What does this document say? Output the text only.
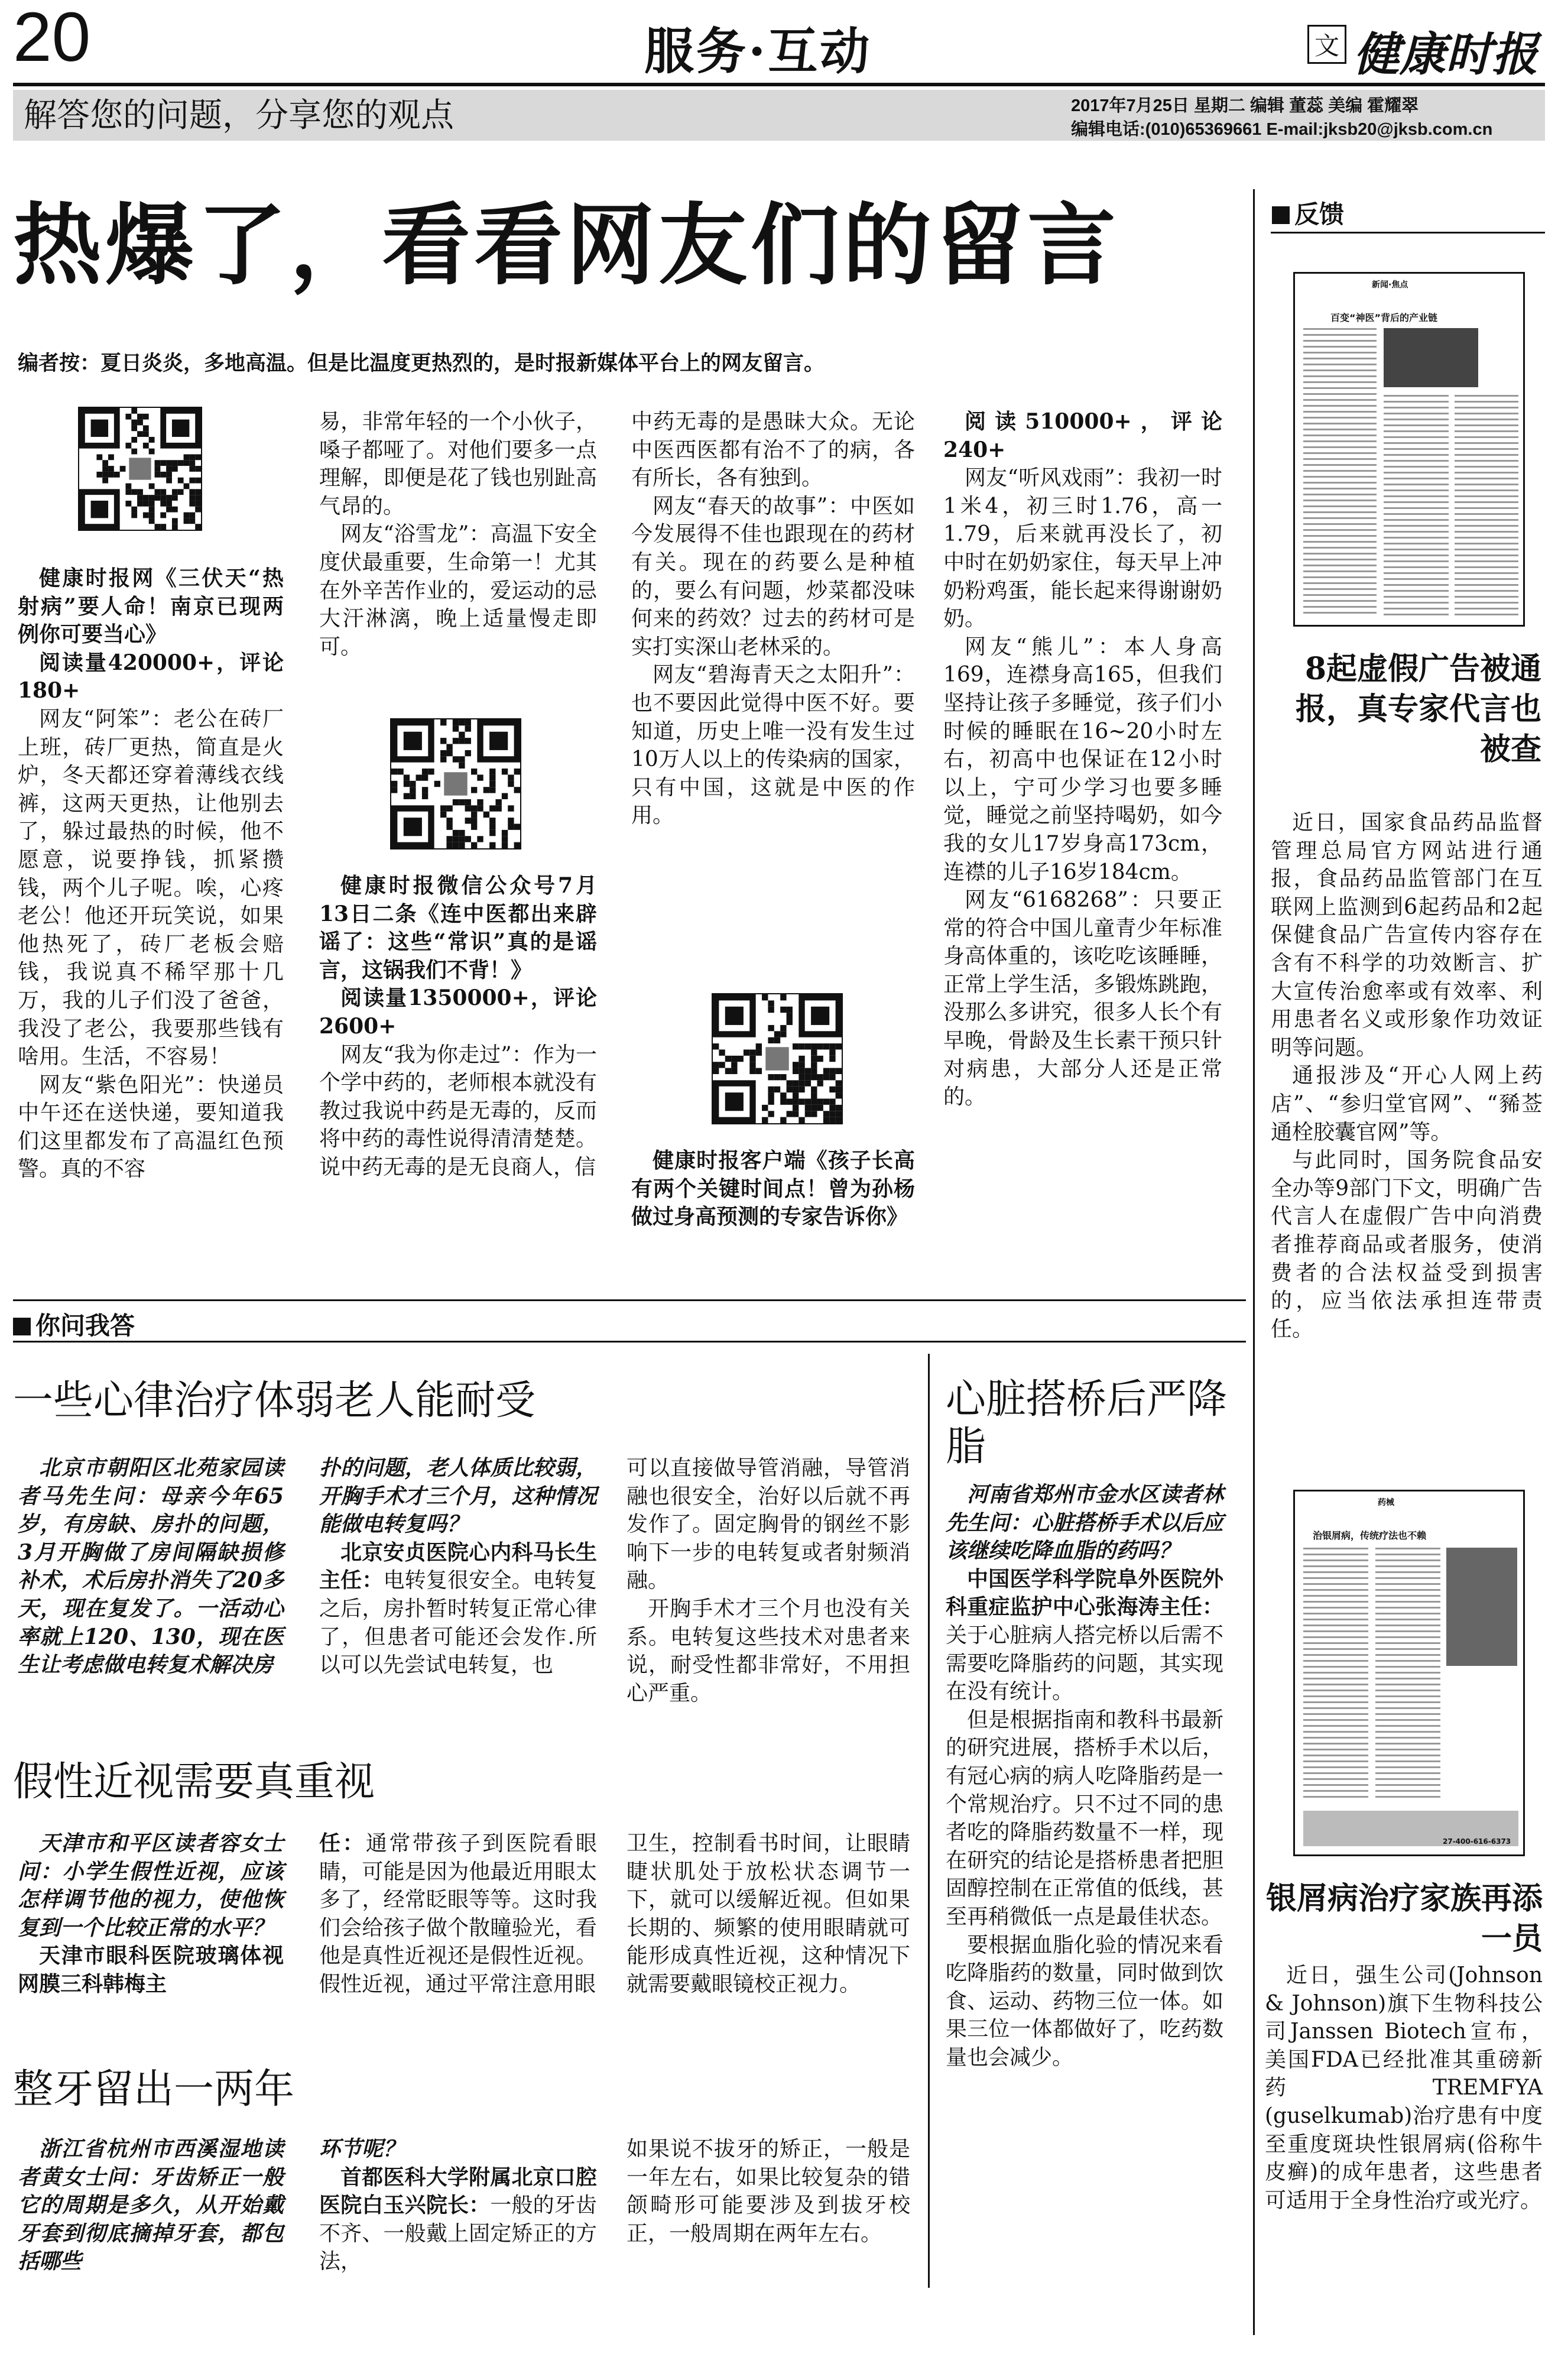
20	服务·互动	文 健康时报
解答您的问题，分享您的观点	2017年7月25日 星期二 编辑 董蕊 美编 霍耀翠
编辑电话:(010)65369661 E-mail:jksb20@jksb.com.cn
热爆了，看看网友们的留言
编者按：夏日炎炎，多地高温。但是比温度更热烈的，是时报新媒体平台上的网友留言。

健康时报网《三伏天“热射病”要人命！南京已现两例你可要当心》

阅读量420000+，评论180+

网友“阿笨”：老公在砖厂上班，砖厂更热，简直是火炉，冬天都还穿着薄线衣线裤，这两天更热，让他别去了，躲过最热的时候，他不愿意，说要挣钱，抓紧攒钱，两个儿子呢。唉，心疼老公！他还开玩笑说，如果他热死了，砖厂老板会赔钱，我说真不稀罕那十几万，我的儿子们没了爸爸，我没了老公，我要那些钱有啥用。生活，不容易！

网友“紫色阳光”：快递员中午还在送快递，要知道我们这里都发布了高温红色预警。真的不容

易，非常年轻的一个小伙子，嗓子都哑了。对他们要多一点理解，即便是花了钱也别趾高气昂的。

网友“浴雪龙”：高温下安全度伏最重要，生命第一！尤其在外辛苦作业的，爱运动的忌大汗淋漓，晚上适量慢走即可。

健康时报微信公众号7月13日二条《连中医都出来辟谣了：这些“常识”真的是谣言，这锅我们不背！》

阅读量1350000+，评论2600+

网友“我为你走过”：作为一个学中药的，老师根本就没有教过我说中药是无毒的，反而将中药的毒性说得清清楚楚。说中药无毒的是无良商人，信

中药无毒的是愚昧大众。无论中医西医都有治不了的病，各有所长，各有独到。

网友“春天的故事”：中医如今发展得不佳也跟现在的药材有关。现在的药要么是种植的，要么有问题，炒菜都没味何来的药效？过去的药材可是实打实深山老林采的。

网友“碧海青天之太阳升”：也不要因此觉得中医不好。要知道，历史上唯一没有发生过10万人以上的传染病的国家，只有中国，这就是中医的作用。

健康时报客户端《孩子长高有两个关键时间点！曾为孙杨做过身高预测的专家告诉你》

阅读510000+，评论240+

网友“听风戏雨”：我初一时1米4，初三时1.76，高一1.79，后来就再没长了，初中时在奶奶家住，每天早上冲奶粉鸡蛋，能长起来得谢谢奶奶。

网友“熊儿”：本人身高169，连襟身高165，但我们坚持让孩子多睡觉，孩子们小时候的睡眠在16~20小时左右，初高中也保证在12小时以上，宁可少学习也要多睡觉，睡觉之前坚持喝奶，如今我的女儿17岁身高173cm，连襟的儿子16岁184cm。

网友“6168268”：只要正常的符合中国儿童青少年标准身高体重的，该吃吃该睡睡，正常上学生活，多锻炼跳跑，没那么多讲究，很多人长个有早晚，骨龄及生长素干预只针对病患，大部分人还是正常的。

你问我答
一些心律治疗体弱老人能耐受

北京市朝阳区北苑家园读者马先生问：母亲今年65岁，有房缺、房扑的问题，3月开胸做了房间隔缺损修补术，术后房扑消失了20多天，现在复发了。一活动心率就上120、130，现在医生让考虑做电转复术解决房

扑的问题，老人体质比较弱，开胸手术才三个月，这种情况能做电转复吗？

北京安贞医院心内科马长生主任：电转复很安全。电转复之后，房扑暂时转复正常心律了，但患者可能还会发作.所以可以先尝试电转复，也

可以直接做导管消融，导管消融也很安全，治好以后就不再发作了。固定胸骨的钢丝不影响下一步的电转复或者射频消融。

开胸手术才三个月也没有关系。电转复这些技术对患者来说，耐受性都非常好，不用担心严重。

假性近视需要真重视

天津市和平区读者容女士问：小学生假性近视，应该怎样调节他的视力，使他恢复到一个比较正常的水平？

天津市眼科医院玻璃体视网膜三科韩梅主

任：通常带孩子到医院看眼睛，可能是因为他最近用眼太多了，经常眨眼等等。这时我们会给孩子做个散瞳验光，看他是真性近视还是假性近视。假性近视，通过平常注意用眼

卫生，控制看书时间，让眼睛睫状肌处于放松状态调节一下，就可以缓解近视。但如果长期的、频繁的使用眼睛就可能形成真性近视，这种情况下就需要戴眼镜校正视力。

整牙留出一两年

浙江省杭州市西溪湿地读者黄女士问：牙齿矫正一般它的周期是多久，从开始戴牙套到彻底摘掉牙套，都包括哪些

环节呢？

首都医科大学附属北京口腔医院白玉兴院长：一般的牙齿不齐、一般戴上固定矫正的方法，

如果说不拔牙的矫正，一般是一年左右，如果比较复杂的错颌畸形可能要涉及到拔牙校正，一般周期在两年左右。

心脏搭桥后严降脂

河南省郑州市金水区读者林先生问：心脏搭桥手术以后应该继续吃降血脂的药吗？

中国医学科学院阜外医院外科重症监护中心张海涛主任：关于心脏病人搭完桥以后需不需要吃降脂药的问题，其实现在没有统计。

但是根据指南和教科书最新的研究进展，搭桥手术以后，有冠心病的病人吃降脂药是一个常规治疗。只不过不同的患者吃的降脂药数量不一样，现在研究的结论是搭桥患者把胆固醇控制在正常值的低线，甚至再稍微低一点是最佳状态。

要根据血脂化验的情况来看吃降脂药的数量，同时做到饮食、运动、药物三位一体。如果三位一体都做好了，吃药数量也会减少。

反馈
新闻·焦点
百变“神医”背后的产业链
8起虚假广告被通报，真专家代言也被查

近日，国家食品药品监督管理总局官方网站进行通报，食品药品监管部门在互联网上监测到6起药品和2起保健食品广告宣传内容存在含有不科学的功效断言、扩大宣传治愈率或有效率、利用患者名义或形象作功效证明等问题。

通报涉及“开心人网上药店”、“参归堂官网”、“豨莶通栓胶囊官网”等。

与此同时，国务院食品安全办等9部门下文，明确广告代言人在虚假广告中向消费者推荐商品或者服务，使消费者的合法权益受到损害的，应当依法承担连带责任。

药械
治银屑病，传统疗法也不赖
27-400-616-6373
银屑病治疗家族再添一员

近日，强生公司(Johnson & Johnson)旗下生物科技公司Janssen Biotech宣布，美国FDA已经批准其重磅新药TREMFYA (guselkumab)治疗患有中度至重度斑块性银屑病(俗称牛皮癣)的成年患者，这些患者可适用于全身性治疗或光疗。
